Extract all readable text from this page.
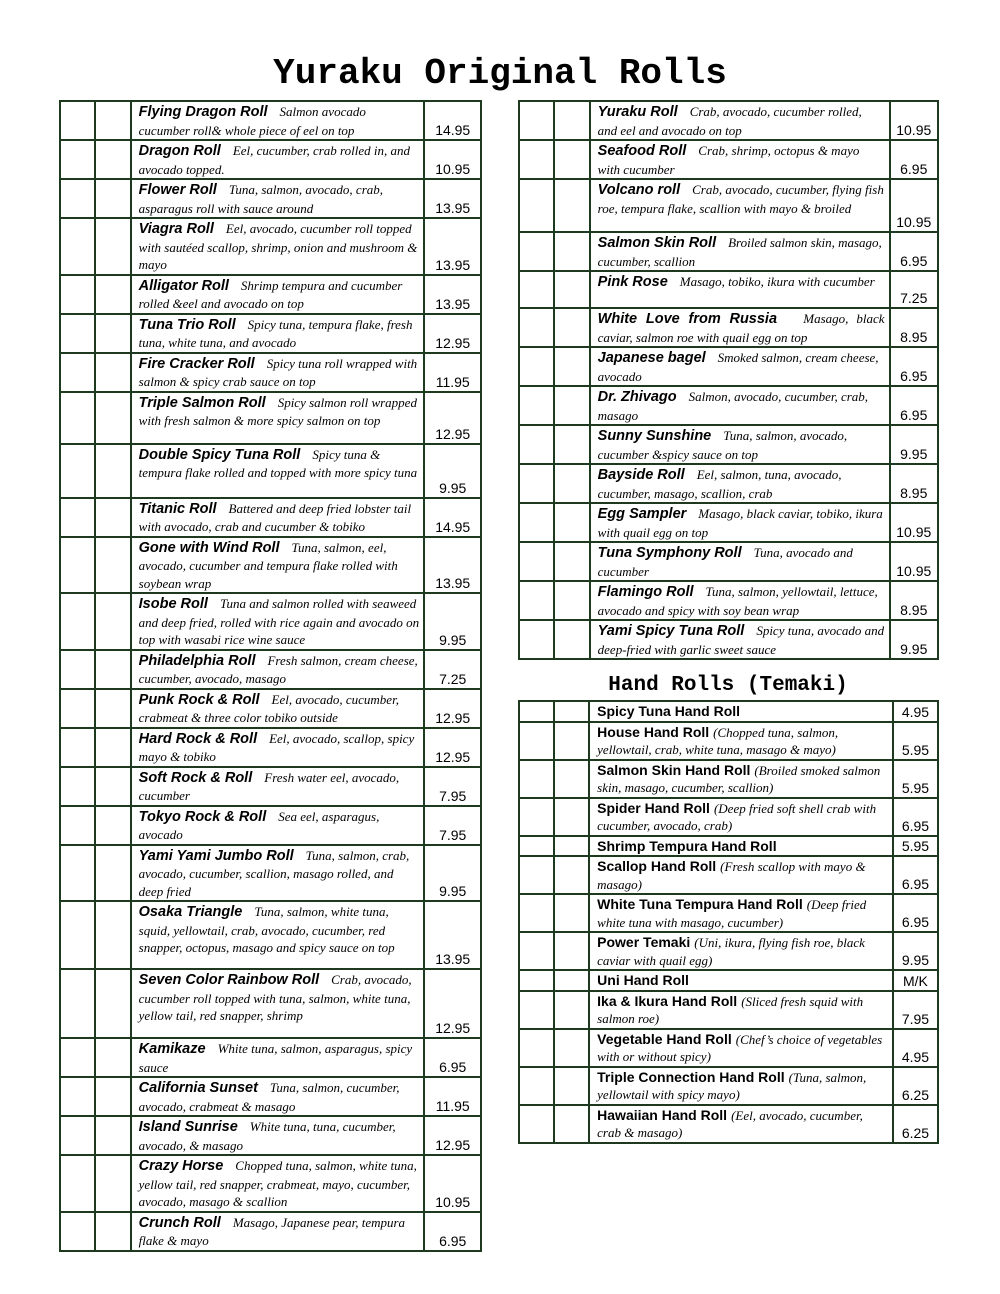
Yuraku Original Rolls
		Flying Dragon Roll Salmon avocado cucumber roll& whole piece of eel on top	14.95
		Dragon Roll Eel, cucumber, crab rolled in, and avocado topped.	10.95
		Flower Roll Tuna, salmon, avocado, crab, asparagus roll with sauce around	13.95
		Viagra Roll Eel, avocado, cucumber roll topped with sautéed scallop, shrimp, onion and mushroom & mayo	13.95
		Alligator Roll Shrimp tempura and cucumber rolled &eel and avocado on top	13.95
		Tuna Trio Roll Spicy tuna, tempura flake, fresh tuna, white tuna, and avocado	12.95
		Fire Cracker Roll Spicy tuna roll wrapped with salmon & spicy crab sauce on top	11.95
		Triple Salmon Roll Spicy salmon roll wrapped with fresh salmon & more spicy salmon on top	12.95
		Double Spicy Tuna Roll Spicy tuna & tempura flake rolled and topped with more spicy tuna	9.95
		Titanic Roll Battered and deep fried lobster tail with avocado, crab and cucumber & tobiko	14.95
		Gone with Wind Roll Tuna, salmon, eel, avocado, cucumber and tempura flake rolled with soybean wrap	13.95
		Isobe Roll Tuna and salmon rolled with seaweed and deep fried, rolled with rice again and avocado on top with wasabi rice wine sauce	9.95
		Philadelphia Roll Fresh salmon, cream cheese, cucumber, avocado, masago	7.25
		Punk Rock & Roll Eel, avocado, cucumber, crabmeat & three color tobiko outside	12.95
		Hard Rock & Roll Eel, avocado, scallop, spicy mayo & tobiko	12.95
		Soft Rock & Roll Fresh water eel, avocado, cucumber	7.95
		Tokyo Rock & Roll Sea eel, asparagus, avocado	7.95
		Yami Yami Jumbo Roll Tuna, salmon, crab, avocado, cucumber, scallion, masago rolled, and deep fried	9.95
		Osaka Triangle Tuna, salmon, white tuna, squid, yellowtail, crab, avocado, cucumber, red snapper, octopus, masago and spicy sauce on top	13.95
		Seven Color Rainbow Roll Crab, avocado, cucumber roll topped with tuna, salmon, white tuna, yellow tail, red snapper, shrimp	12.95
		Kamikaze White tuna, salmon, asparagus, spicy sauce	6.95
		California Sunset Tuna, salmon, cucumber, avocado, crabmeat & masago	11.95
		Island Sunrise White tuna, tuna, cucumber, avocado, & masago	12.95
		Crazy Horse Chopped tuna, salmon, white tuna, yellow tail, red snapper, crabmeat, mayo, cucumber, avocado, masago & scallion	10.95
		Crunch Roll Masago, Japanese pear, tempura flake & mayo	6.95
		Yuraku Roll Crab, avocado, cucumber rolled, and eel and avocado on top	10.95
		Seafood Roll Crab, shrimp, octopus & mayo with cucumber	6.95
		Volcano roll Crab, avocado, cucumber, flying fish roe, tempura flake, scallion with mayo & broiled	10.95
		Salmon Skin Roll Broiled salmon skin, masago, cucumber, scallion	6.95
		Pink Rose Masago, tobiko, ikura with cucumber	7.25
		White Love from Russia Masago, black caviar, salmon roe with quail egg on top	8.95
		Japanese bagel Smoked salmon, cream cheese, avocado	6.95
		Dr. Zhivago Salmon, avocado, cucumber, crab, masago	6.95
		Sunny Sunshine Tuna, salmon, avocado, cucumber &spicy sauce on top	9.95
		Bayside Roll Eel, salmon, tuna, avocado, cucumber, masago, scallion, crab	8.95
		Egg Sampler Masago, black caviar, tobiko, ikura with quail egg on top	10.95
		Tuna Symphony Roll Tuna, avocado and cucumber	10.95
		Flamingo Roll Tuna, salmon, yellowtail, lettuce, avocado and spicy with soy bean wrap	8.95
		Yami Spicy Tuna Roll Spicy tuna, avocado and deep-fried with garlic sweet sauce	9.95
Hand Rolls (Temaki)
		Spicy Tuna Hand Roll	4.95
		House Hand Roll (Chopped tuna, salmon, yellowtail, crab, white tuna, masago & mayo)	5.95
		Salmon Skin Hand Roll (Broiled smoked salmon skin, masago, cucumber, scallion)	5.95
		Spider Hand Roll (Deep fried soft shell crab with cucumber, avocado, crab)	6.95
		Shrimp Tempura Hand Roll	5.95
		Scallop Hand Roll (Fresh scallop with mayo & masago)	6.95
		White Tuna Tempura Hand Roll (Deep fried white tuna with masago, cucumber)	6.95
		Power Temaki (Uni, ikura, flying fish roe, black caviar with quail egg)	9.95
		Uni Hand Roll	M/K
		Ika & Ikura Hand Roll (Sliced fresh squid with salmon roe)	7.95
		Vegetable Hand Roll (Chef’s choice of vegetables with or without spicy)	4.95
		Triple Connection Hand Roll (Tuna, salmon, yellowtail with spicy mayo)	6.25
		Hawaiian Hand Roll (Eel, avocado, cucumber, crab & masago)	6.25
